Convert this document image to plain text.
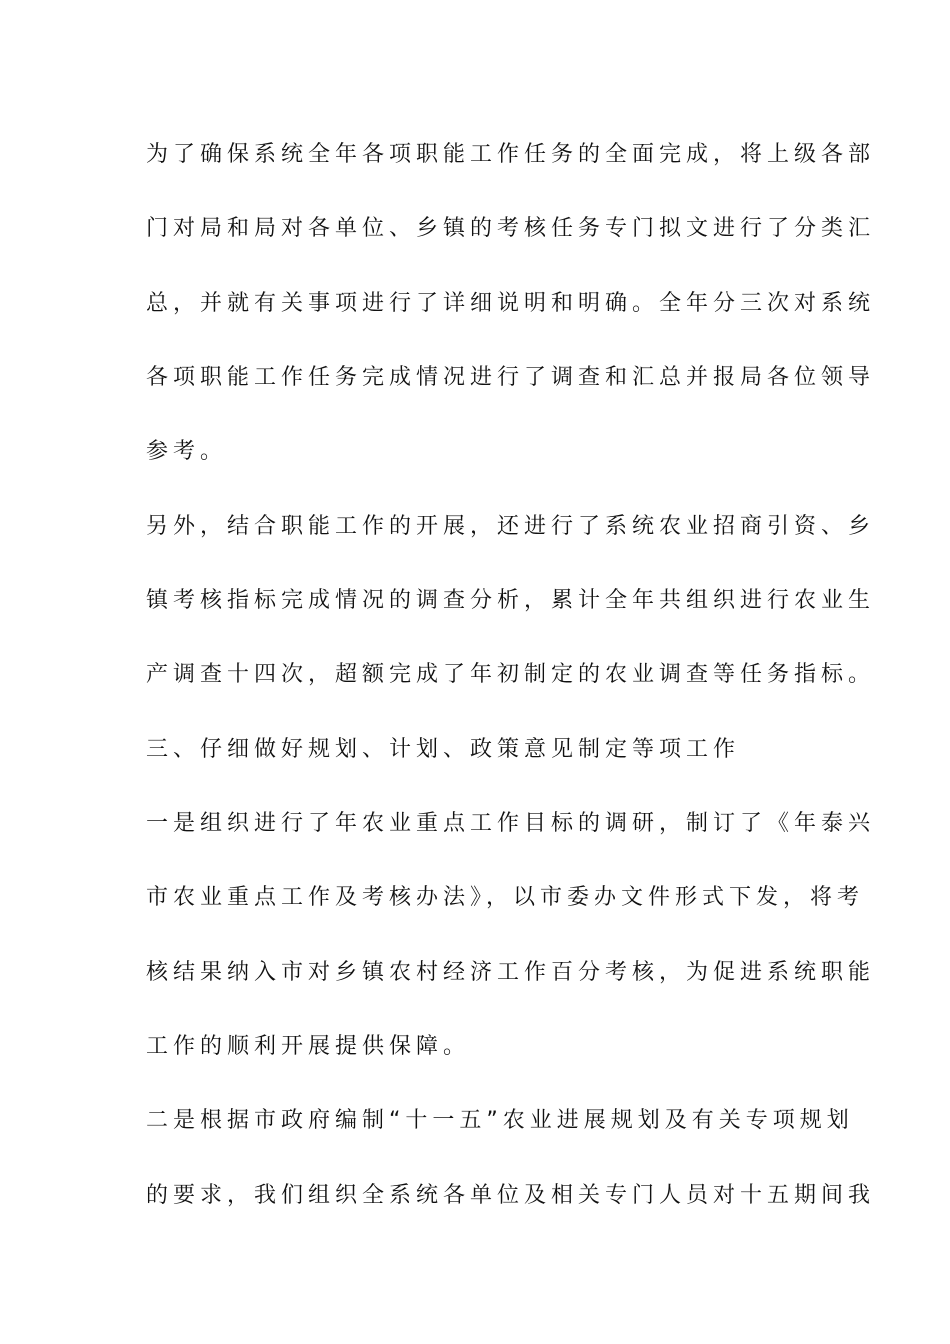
为了确保系统全年各项职能工作任务的全面完成，将上级各部
门对局和局对各单位、乡镇的考核任务专门拟文进行了分类汇
总，并就有关事项进行了详细说明和明确。全年分三次对系统
各项职能工作任务完成情况进行了调查和汇总并报局各位领导
参考。
另外，结合职能工作的开展，还进行了系统农业招商引资、乡
镇考核指标完成情况的调查分析，累计全年共组织进行农业生
产调查十四次，超额完成了年初制定的农业调查等任务指标。
三、仔细做好规划、计划、政策意见制定等项工作
一是组织进行了年农业重点工作目标的调研，制订了《年泰兴
市农业重点工作及考核办法》，以市委办文件形式下发，将考
核结果纳入市对乡镇农村经济工作百分考核，为促进系统职能
工作的顺利开展提供保障。
二是根据市政府编制“十一五”农业进展规划及有关专项规划
的要求，我们组织全系统各单位及相关专门人员对十五期间我
